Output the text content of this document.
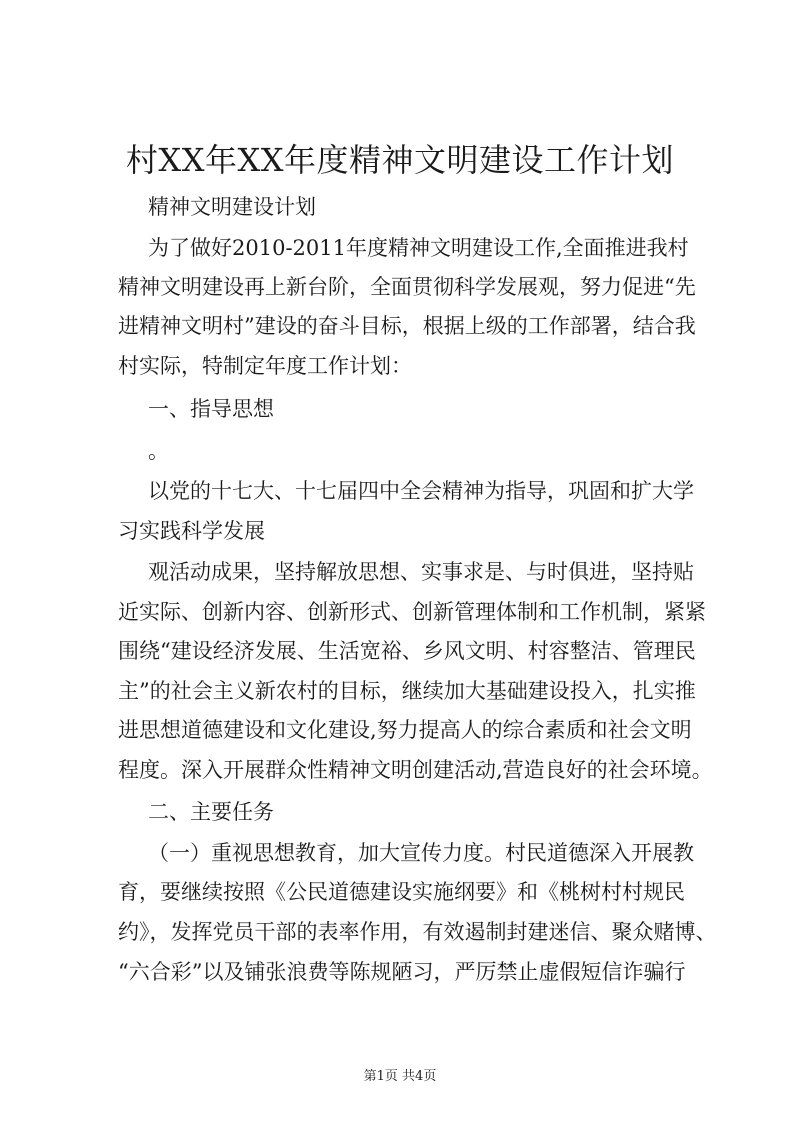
村XX年XX年度精神文明建设工作计划
精神文明建设计划
为了做好2010-2011年度精神文明建设工作,全面推进我村
精神文明建设再上新台阶，全面贯彻科学发展观，努力促进“先
进精神文明村”建设的奋斗目标，根据上级的工作部署，结合我
村实际，特制定年度工作计划：
一、指导思想
。
以党的十七大、十七届四中全会精神为指导，巩固和扩大学
习实践科学发展
观活动成果，坚持解放思想、实事求是、与时俱进，坚持贴
近实际、创新内容、创新形式、创新管理体制和工作机制，紧紧
围绕“建设经济发展、生活宽裕、乡风文明、村容整洁、管理民
主”的社会主义新农村的目标，继续加大基础建设投入，扎实推
进思想道德建设和文化建设,努力提高人的综合素质和社会文明
程度。深入开展群众性精神文明创建活动,营造良好的社会环境。
二、主要任务
（一）重视思想教育，加大宣传力度。村民道德深入开展教
育，要继续按照《公民道德建设实施纲要》和《桃树村村规民
约》，发挥党员干部的表率作用，有效遏制封建迷信、聚众赌博、
“六合彩”以及铺张浪费等陈规陋习，严厉禁止虚假短信诈骗行
第1页 共4页
